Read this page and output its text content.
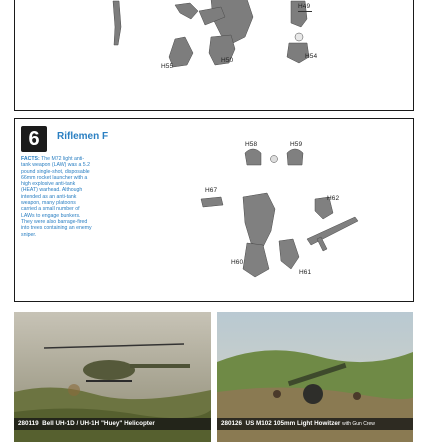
H49
H55
H50
H54
6	Riflemen F
FACTS: The M72 light anti-tank weapon (LAW) was a 5.2 pound single-shot, disposable 66mm rocket launcher with a high explosive anti-tank (HEAT) warhead. Although intended as an anti-tank weapon, many platoons carried a small number of LAWs to engage bunkers. They were also barrage-fired into trees containing an enemy sniper.
H58	H59
H67
H62
H60
H61
280119 Bell UH-1D / UH-1H "Huey" Helicopter	280126 US M102 105mm Light Howitzer with Gun Crew
